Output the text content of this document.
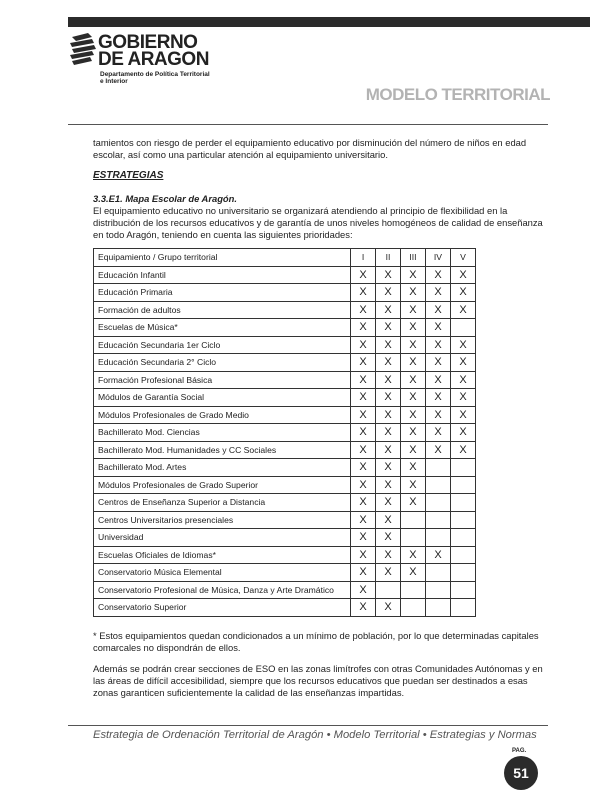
GOBIERNO
DE ARAGON
Departamento de Política Territorial
e Interior
MODELO TERRITORIAL
tamientos con riesgo de perder el equipamiento educativo por disminución del número de niños en edad escolar, así como una particular atención al equipamiento universitario.
ESTRATEGIAS
3.3.E1. Mapa Escolar de Aragón.
El equipamiento educativo no universitario se organizará atendiendo al principio de flexibilidad en la distribución de los recursos educativos y de garantía de unos niveles homogéneos de calidad de enseñanza en todo Aragón, teniendo en cuenta las siguientes prioridades:
Equipamiento / Grupo territorial	I	II	III	IV	V
Educación Infantil	X	X	X	X	X
Educación Primaria	X	X	X	X	X
Formación de adultos	X	X	X	X	X
Escuelas de Música*	X	X	X	X	
Educación Secundaria 1er Ciclo	X	X	X	X	X
Educación Secundaria 2° Ciclo	X	X	X	X	X
Formación Profesional Básica	X	X	X	X	X
Módulos de Garantía Social	X	X	X	X	X
Módulos Profesionales de Grado Medio	X	X	X	X	X
Bachillerato Mod. Ciencias	X	X	X	X	X
Bachillerato Mod. Humanidades y CC Sociales	X	X	X	X	X
Bachillerato Mod. Artes	X	X	X		
Módulos Profesionales de Grado Superior	X	X	X		
Centros de Enseñanza Superior a Distancia	X	X	X		
Centros Universitarios presenciales	X	X			
Universidad	X	X			
Escuelas Oficiales de Idiomas*	X	X	X	X	
Conservatorio Música Elemental	X	X	X		
Conservatorio Profesional de Música, Danza y Arte Dramático	X				
Conservatorio Superior	X	X			
* Estos equipamientos quedan condicionados a un mínimo de población, por lo que determinadas capitales comarcales no dispondrán de ellos.
Además se podrán crear secciones de ESO en las zonas limítrofes con otras Comunidades Autónomas y en las áreas de difícil accesibilidad, siempre que los recursos educativos que puedan ser destinados a esas zonas garanticen suficientemente la calidad de las enseñanzas impartidas.
Estrategia de Ordenación Territorial de Aragón • Modelo Territorial • Estrategias y Normas
PAG.
51
